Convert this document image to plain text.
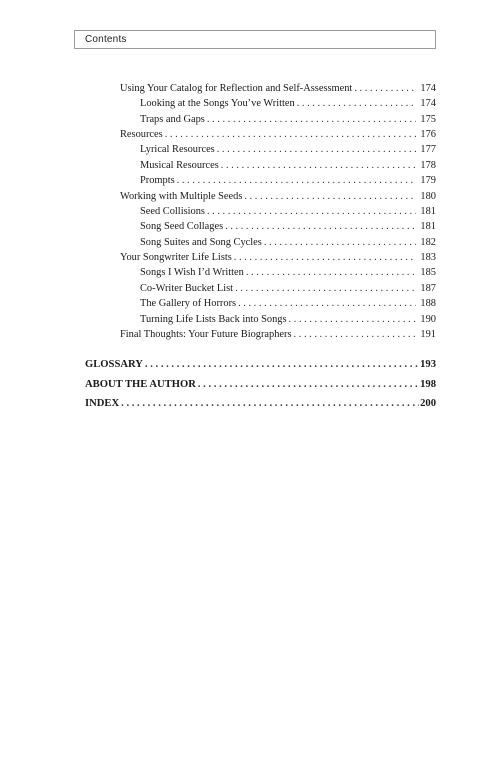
Contents
Using Your Catalog for Reflection and Self-Assessment . . .	174
Looking at the Songs You’ve Written . . .	174
Traps and Gaps . . .	175
Resources . . .	176
Lyrical Resources . . .	177
Musical Resources . . .	178
Prompts . . .	179
Working with Multiple Seeds . . .	180
Seed Collisions . . .	181
Song Seed Collages . . .	181
Song Suites and Song Cycles . . .	182
Your Songwriter Life Lists . . .	183
Songs I Wish I’d Written . . .	185
Co-Writer Bucket List . . .	187
The Gallery of Horrors . . .	188
Turning Life Lists Back into Songs . . .	190
Final Thoughts: Your Future Biographers . . .	191
GLOSSARY . . .	193
ABOUT THE AUTHOR . . .	198
INDEX . . .	200
